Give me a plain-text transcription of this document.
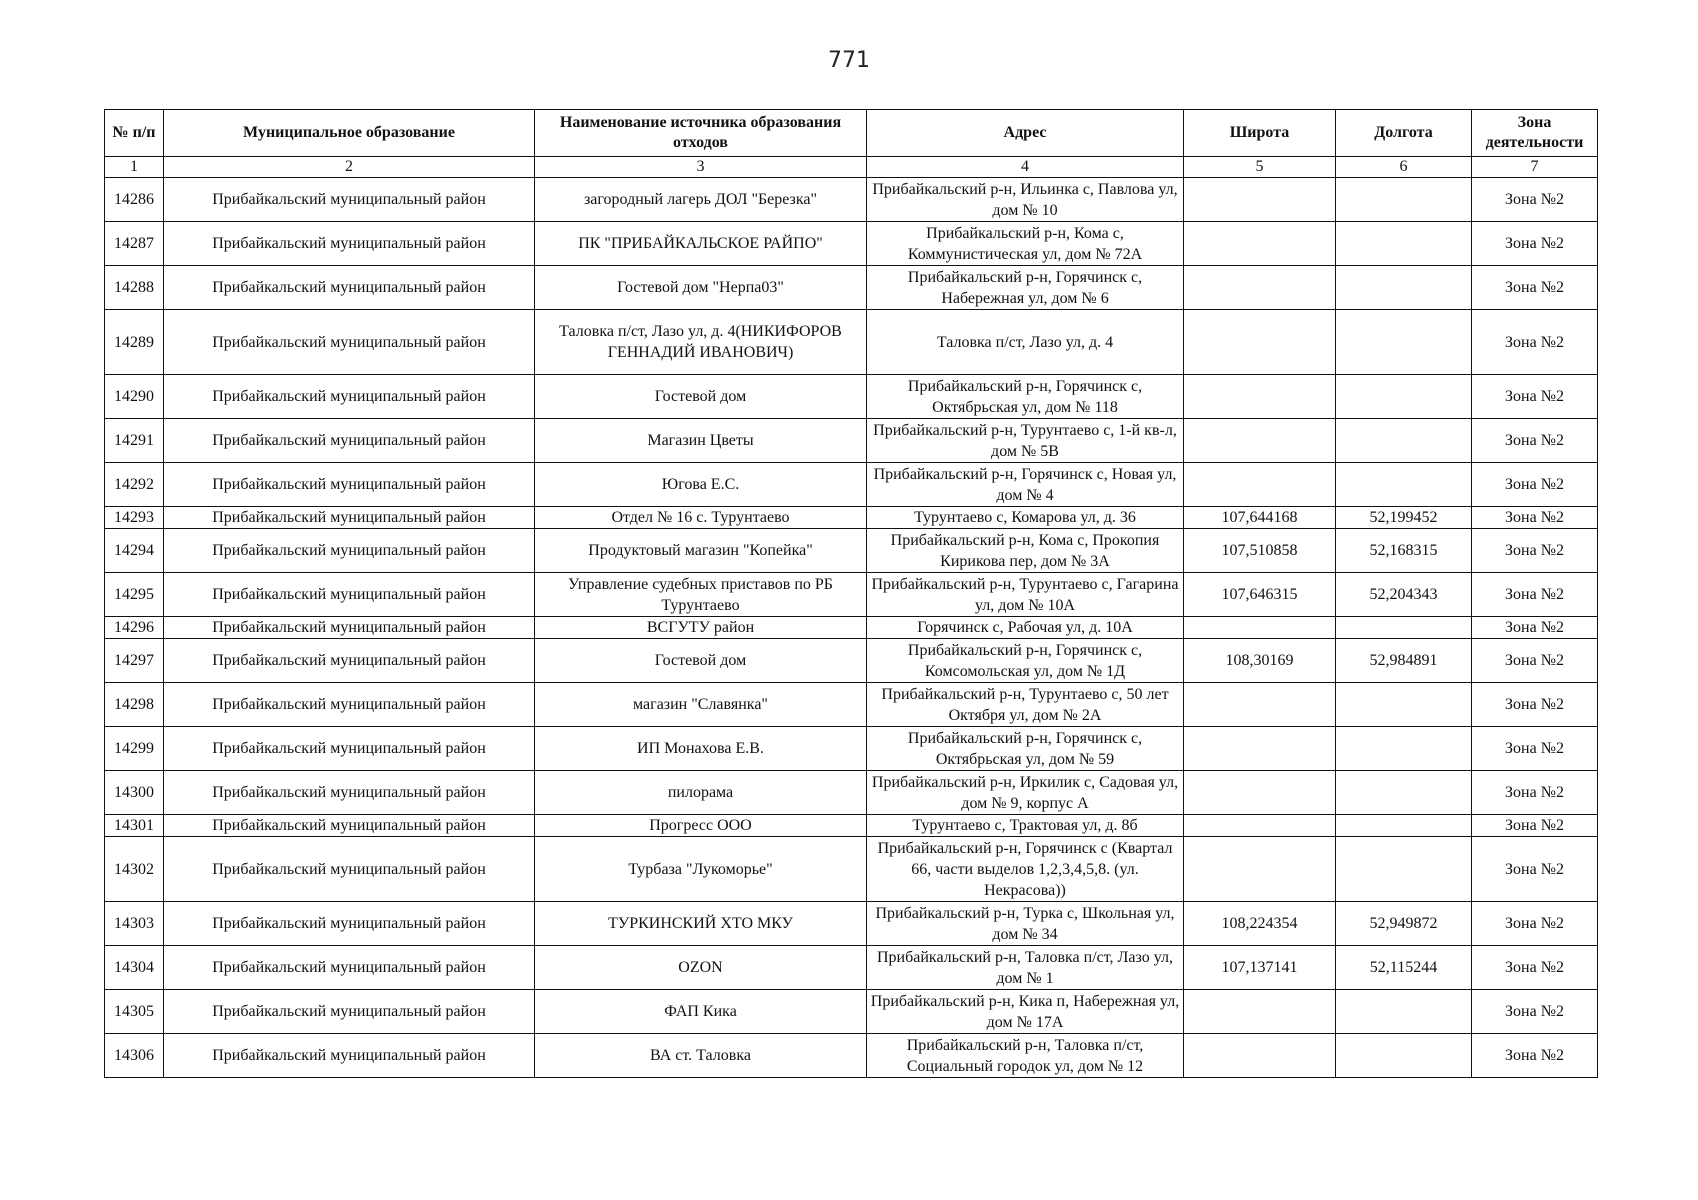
771
№ п/п	Муниципальное образование	Наименование источника образования отходов	Адрес	Широта	Долгота	Зона деятельности
1	2	3	4	5	6	7
14286	Прибайкальский муниципальный район	загородный лагерь ДОЛ "Березка"	Прибайкальский р-н, Ильинка с, Павлова ул, дом № 10			Зона №2
14287	Прибайкальский муниципальный район	ПК "ПРИБАЙКАЛЬСКОЕ РАЙПО"	Прибайкальский р-н, Кома с, Коммунистическая ул, дом № 72А			Зона №2
14288	Прибайкальский муниципальный район	Гостевой дом "Нерпа03"	Прибайкальский р-н, Горячинск с, Набережная ул, дом № 6			Зона №2
14289	Прибайкальский муниципальный район	Таловка п/ст, Лазо ул, д. 4(НИКИФОРОВ ГЕННАДИЙ ИВАНОВИЧ)	Таловка п/ст, Лазо ул, д. 4			Зона №2
14290	Прибайкальский муниципальный район	Гостевой дом	Прибайкальский р-н, Горячинск с, Октябрьская ул, дом № 118			Зона №2
14291	Прибайкальский муниципальный район	Магазин Цветы	Прибайкальский р-н, Турунтаево с, 1-й кв-л, дом № 5В			Зона №2
14292	Прибайкальский муниципальный район	Югова Е.С.	Прибайкальский р-н, Горячинск с, Новая ул, дом № 4			Зона №2
14293	Прибайкальский муниципальный район	Отдел № 16 с. Турунтаево	Турунтаево с, Комарова ул, д. 36	107,644168	52,199452	Зона №2
14294	Прибайкальский муниципальный район	Продуктовый магазин "Копейка"	Прибайкальский р-н, Кома с, Прокопия Кирикова пер, дом № 3А	107,510858	52,168315	Зона №2
14295	Прибайкальский муниципальный район	Управление судебных приставов по РБ Турунтаево	Прибайкальский р-н, Турунтаево с, Гагарина ул, дом № 10А	107,646315	52,204343	Зона №2
14296	Прибайкальский муниципальный район	ВСГУТУ район	Горячинск с, Рабочая ул, д. 10А			Зона №2
14297	Прибайкальский муниципальный район	Гостевой дом	Прибайкальский р-н, Горячинск с, Комсомольская ул, дом № 1Д	108,30169	52,984891	Зона №2
14298	Прибайкальский муниципальный район	магазин "Славянка"	Прибайкальский р-н, Турунтаево с, 50 лет Октября ул, дом № 2А			Зона №2
14299	Прибайкальский муниципальный район	ИП Монахова Е.В.	Прибайкальский р-н, Горячинск с, Октябрьская ул, дом № 59			Зона №2
14300	Прибайкальский муниципальный район	пилорама	Прибайкальский р-н, Иркилик с, Садовая ул, дом № 9, корпус А			Зона №2
14301	Прибайкальский муниципальный район	Прогресс ООО	Турунтаево с, Трактовая ул, д. 8б			Зона №2
14302	Прибайкальский муниципальный район	Турбаза "Лукоморье"	Прибайкальский р-н, Горячинск с (Квартал 66, части выделов 1,2,3,4,5,8. (ул. Некрасова))			Зона №2
14303	Прибайкальский муниципальный район	ТУРКИНСКИЙ ХТО МКУ	Прибайкальский р-н, Турка с, Школьная ул, дом № 34	108,224354	52,949872	Зона №2
14304	Прибайкальский муниципальный район	OZON	Прибайкальский р-н, Таловка п/ст, Лазо ул, дом № 1	107,137141	52,115244	Зона №2
14305	Прибайкальский муниципальный район	ФАП Кика	Прибайкальский р-н, Кика п, Набережная ул, дом № 17А			Зона №2
14306	Прибайкальский муниципальный район	ВА ст. Таловка	Прибайкальский р-н, Таловка п/ст, Социальный городок ул, дом № 12			Зона №2
